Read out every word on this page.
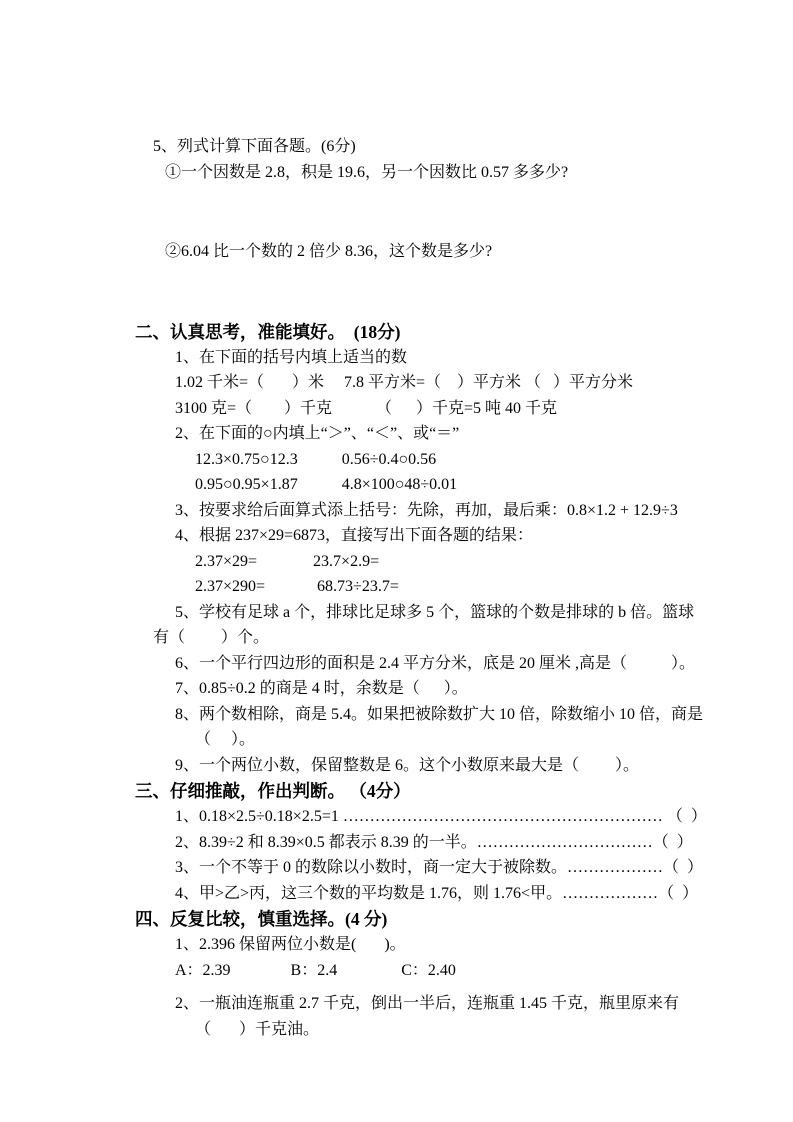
5、列式计算下面各题。(6分)
①一个因数是 2.8，积是 19.6，另一个因数比 0.57 多多少?
②6.04 比一个数的 2 倍少 8.36，这个数是多少?
二、认真思考，准能填好。  (18分)
1、在下面的括号内填上适当的数
1.02 千米=（       ）米     7.8 平方米=（    ）平方米 （   ）平方分米
3100 克=（        ）千克           （      ）千克=5 吨 40 千克
2、在下面的○内填上“＞”、“＜”、或“＝”
12.3×0.75○12.3           0.56÷0.4○0.56
0.95○0.95×1.87           4.8×100○48÷0.01
3、按要求给后面算式添上括号：先除，再加，最后乘：0.8×1.2 + 12.9÷3
4、根据 237×29=6873，直接写出下面各题的结果：
2.37×29=              23.7×2.9=
2.37×290=             68.73÷23.7=
5、学校有足球 a 个，排球比足球多 5 个，篮球的个数是排球的 b 倍。篮球
有（         ）个。
6、一个平行四边形的面积是 2.4 平方分米，底是 20 厘米 ,高是（           ）。
7、0.85÷0.2 的商是 4 时，余数是（      ）。
8、两个数相除，商是 5.4。如果把被除数扩大 10 倍，除数缩小 10 倍，商是
（     ）。
9、一个两位小数，保留整数是 6。这个小数原来最大是（         ）。
三、仔细推敲，作出判断。 （4分）
1、0.18×2.5÷0.18×2.5=1 …………………………………………………… （  ）
2、8.39÷2 和 8.39×0.5 都表示 8.39 的一半。……………………………（  ）
3、一个不等于 0 的数除以小数时，商一定大于被除数。………………（  ）
4、甲>乙>丙，这三个数的平均数是 1.76，则 1.76<甲。………………（  ）
四、反复比较，慎重选择。(4 分)
1、2.396 保留两位小数是(       )。
A：2.39               B：2.4                C：2.40
2、一瓶油连瓶重 2.7 千克，倒出一半后，连瓶重 1.45 千克，瓶里原来有
（       ）千克油。
